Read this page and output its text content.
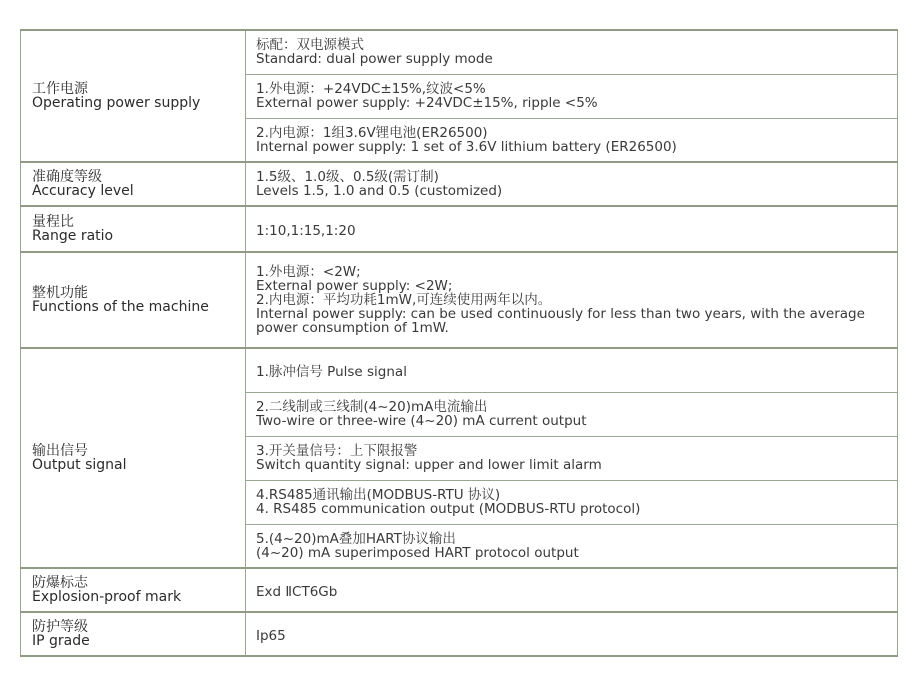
工作电源
Operating power supply	标配：双电源模式
Standard: dual power supply mode

	1.外电源：+24VDC±15%,纹波<5%
External power supply: +24VDC±15%, ripple <5%

	2.内电源：1组3.6V锂电池(ER26500)
Internal power supply: 1 set of 3.6V lithium battery (ER26500)

准确度等级
Accuracy level	1.5级、1.0级、0.5级(需订制)
Levels 1.5, 1.0 and 0.5 (customized)

量程比
Range ratio	1:10,1:15,1:20

整机功能
Functions of the machine	1.外电源：<2W;
External power supply: <2W;
2.内电源：平均功耗1mW,可连续使用两年以内。
Internal power supply: can be used continuously for less than two years, with the average
power consumption of 1mW.

输出信号
Output signal	1.脉冲信号 Pulse signal

	2.二线制或三线制(4~20)mA电流输出
Two-wire or three-wire (4~20) mA current output

	3.开关量信号：上下限报警
Switch quantity signal: upper and lower limit alarm

	4.RS485通讯输出(MODBUS-RTU 协议)
4. RS485 communication output (MODBUS-RTU protocol)

	5.(4~20)mA叠加HART协议输出
(4~20) mA superimposed HART protocol output

防爆标志
Explosion-proof mark	Exd ⅡCT6Gb

防护等级
IP grade	Ip65
